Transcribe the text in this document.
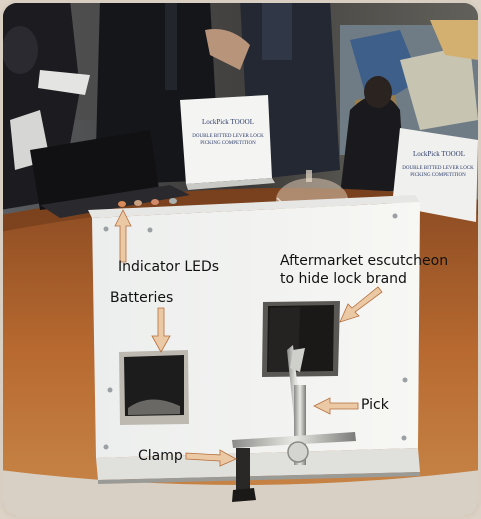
LockPick TOOOL
DOUBLE BITTED LEVER LOCK
PICKING COMPETITION
LockPick TOOOL
DOUBLE BITTED LEVER LOCK
PICKING COMPETITION
Indicator LEDs
Batteries
Aftermarket escutcheon
to hide lock brand
Pick
Clamp
